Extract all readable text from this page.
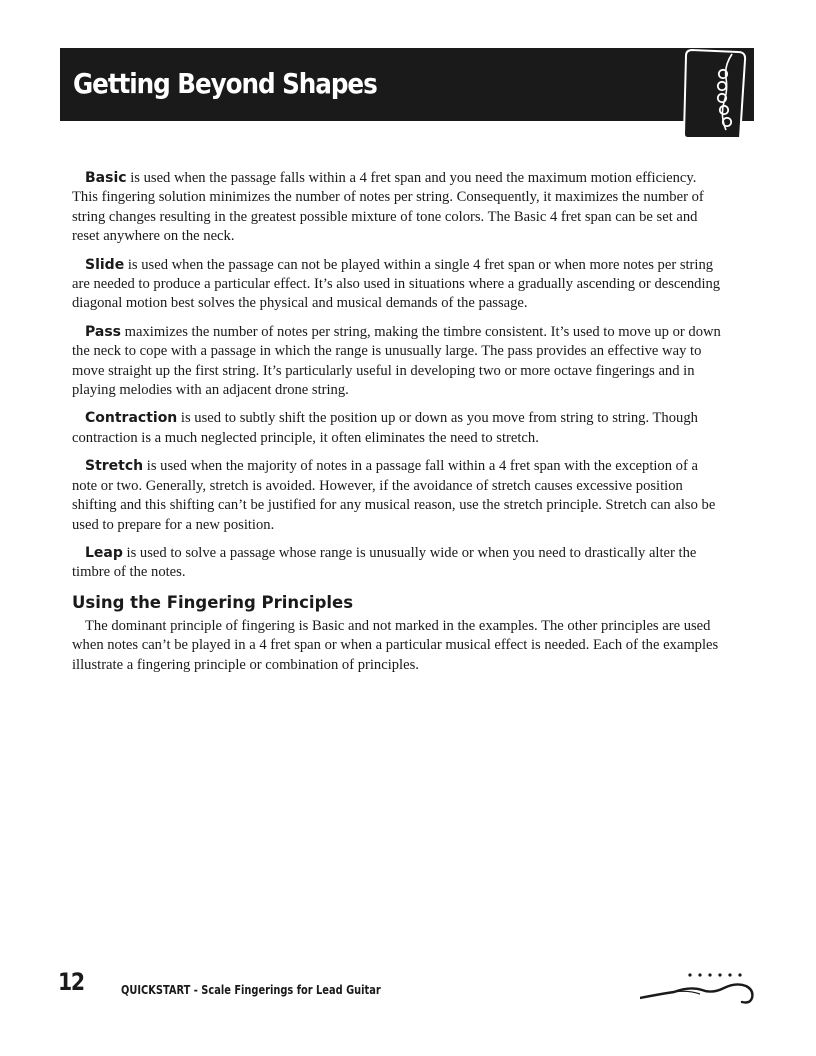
Getting Beyond Shapes

Basic is used when the passage falls within a 4 fret span and you need the maximum motion efficiency. This fingering solution minimizes the number of notes per string. Consequently, it maximizes the number of string changes resulting in the greatest possible mixture of tone colors. The Basic 4 fret span can be set and reset anywhere on the neck.

Slide is used when the passage can not be played within a single 4 fret span or when more notes per string are needed to produce a particular effect. It’s also used in situations where a gradually ascending or descending diagonal motion best solves the physical and musical demands of the passage.

Pass maximizes the number of notes per string, making the timbre consistent. It’s used to move up or down the neck to cope with a passage in which the range is unusually large. The pass provides an effective way to move straight up the first string. It’s particularly useful in developing two or more octave fingerings and in playing melodies with an adjacent drone string.

Contraction is used to subtly shift the position up or down as you move from string to string. Though contraction is a much neglected principle, it often eliminates the need to stretch.

Stretch is used when the majority of notes in a passage fall within a 4 fret span with the exception of a note or two. Generally, stretch is avoided. However, if the avoidance of stretch causes excessive position shifting and this shifting can’t be justified for any musical reason, use the stretch principle. Stretch can also be used to prepare for a new position.

Leap is used to solve a passage whose range is unusually wide or when you need to drastically alter the timbre of the notes.

Using the Fingering Principles

The dominant principle of fingering is Basic and not marked in the examples. The other principles are used when notes can’t be played in a 4 fret span or when a particular musical effect is needed. Each of the examples illustrate a fingering principle or combination of principles.

12	QUICKSTART - Scale Fingerings for Lead Guitar
